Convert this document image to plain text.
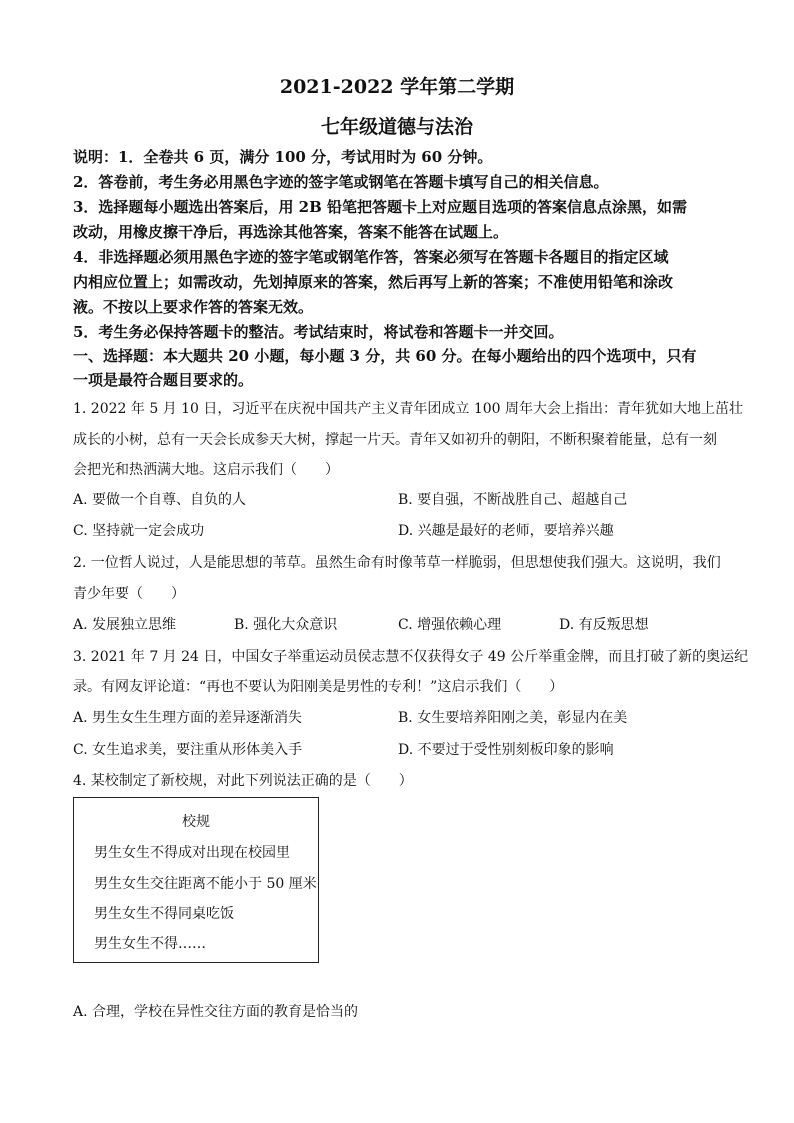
2021-2022 学年第二学期
七年级道德与法治
说明：1．全卷共 6 页，满分 100 分，考试用时为 60 分钟。
2．答卷前，考生务必用黑色字迹的签字笔或钢笔在答题卡填写自己的相关信息。
3．选择题每小题选出答案后，用 2B 铅笔把答题卡上对应题目选项的答案信息点涂黑，如需
改动，用橡皮擦干净后，再选涂其他答案，答案不能答在试题上。
4．非选择题必须用黑色字迹的签字笔或钢笔作答，答案必须写在答题卡各题目的指定区域
内相应位置上；如需改动，先划掉原来的答案，然后再写上新的答案；不准使用铅笔和涂改
液。不按以上要求作答的答案无效。
5．考生务必保持答题卡的整洁。考试结束时，将试卷和答题卡一并交回。
一、选择题：本大题共 20 小题，每小题 3 分，共 60 分。在每小题给出的四个选项中，只有
一项是最符合题目要求的。
1. 2022 年 5 月 10 日，习近平在庆祝中国共产主义青年团成立 100 周年大会上指出：青年犹如大地上茁壮
成长的小树，总有一天会长成参天大树，撑起一片天。青年又如初升的朝阳，不断积聚着能量，总有一刻
会把光和热洒满大地。这启示我们（　　）
A. 要做一个自尊、自负的人	B. 要自强，不断战胜自己、超越自己
C. 坚持就一定会成功	D. 兴趣是最好的老师，要培养兴趣
2. 一位哲人说过，人是能思想的苇草。虽然生命有时像苇草一样脆弱，但思想使我们强大。这说明，我们
青少年要（　　）
A. 发展独立思维	B. 强化大众意识	C. 增强依赖心理	D. 有反叛思想
3. 2021 年 7 月 24 日，中国女子举重运动员侯志慧不仅获得女子 49 公斤举重金牌，而且打破了新的奥运纪
录。有网友评论道：“再也不要认为阳刚美是男性的专利！”这启示我们（　　）
A. 男生女生生理方面的差异逐渐消失	B. 女生要培养阳刚之美，彰显内在美
C. 女生追求美，要注重从形体美入手	D. 不要过于受性别刻板印象的影响
4. 某校制定了新校规，对此下列说法正确的是（　　）
校规
男生女生不得成对出现在校园里
男生女生交往距离不能小于 50 厘米
男生女生不得同桌吃饭
男生女生不得……
A. 合理，学校在异性交往方面的教育是恰当的
